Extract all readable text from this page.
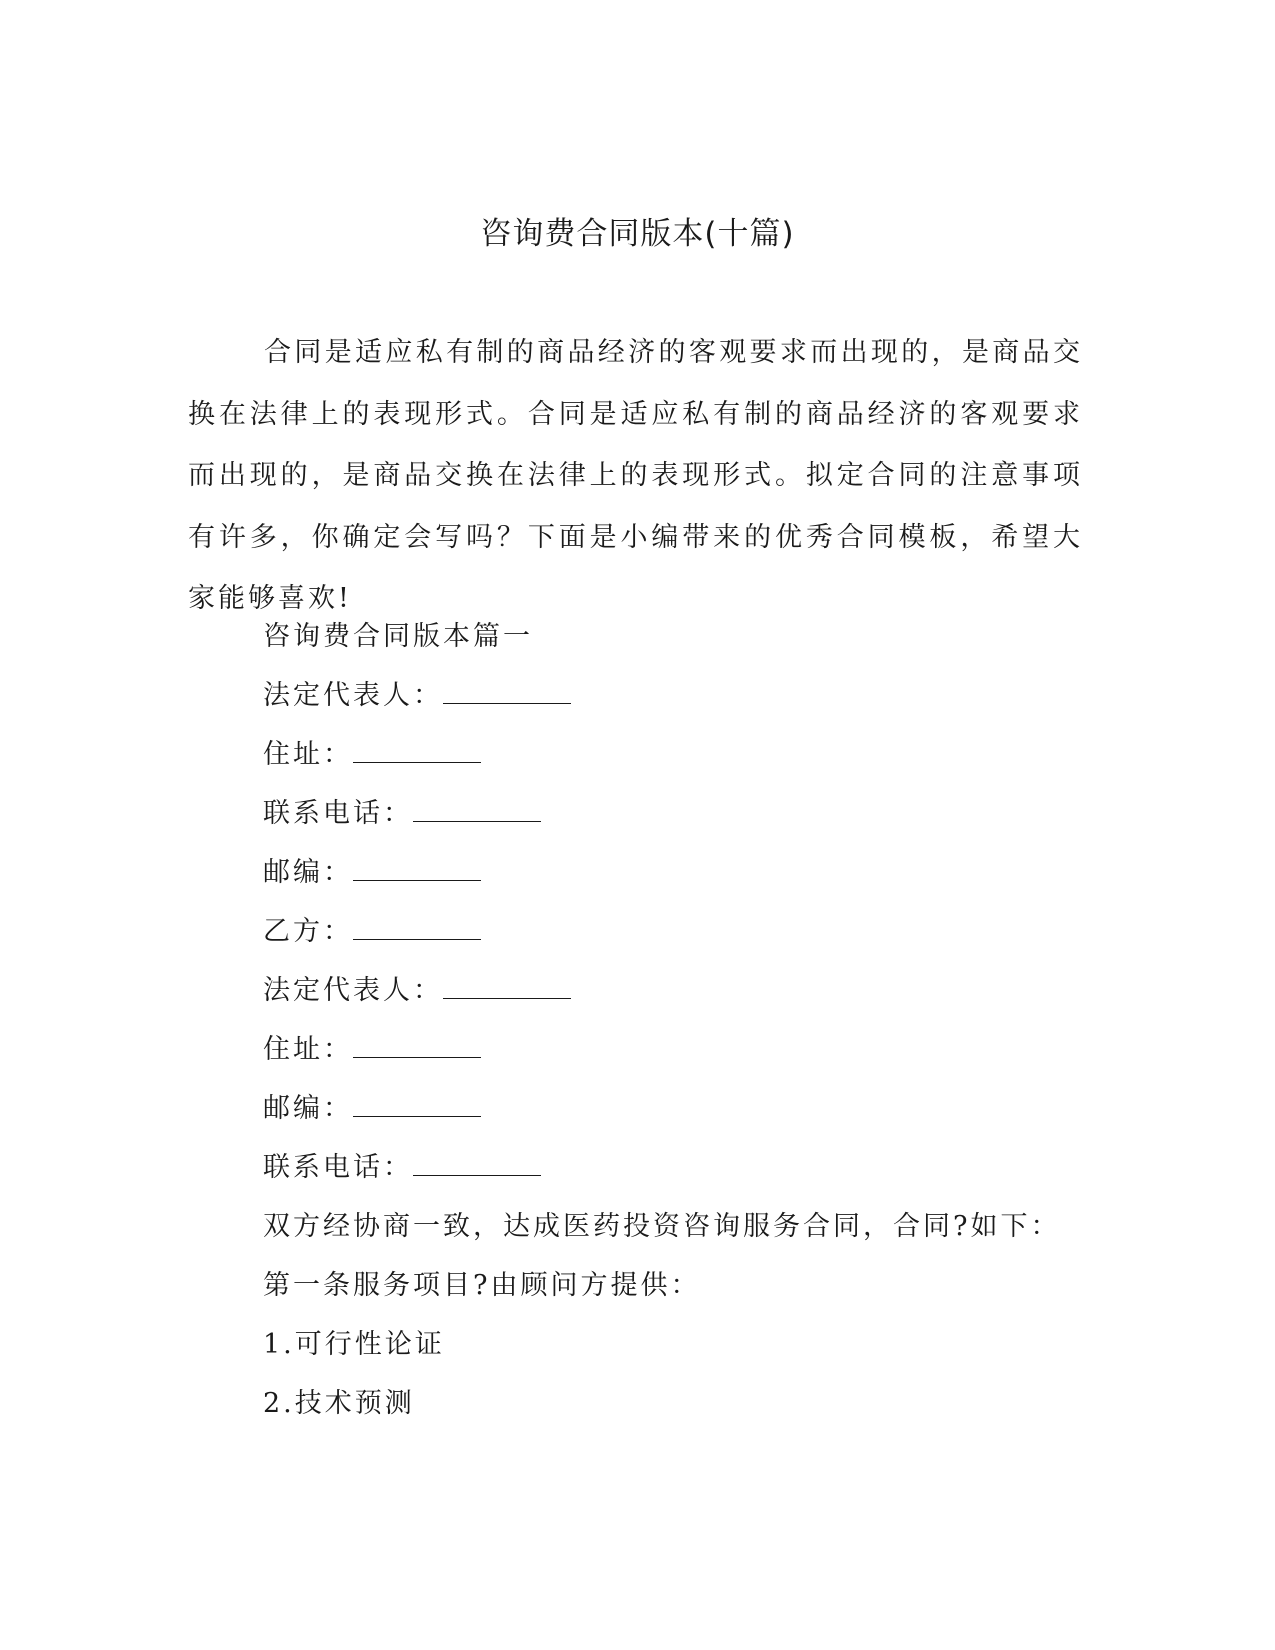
咨询费合同版本(十篇)

合同是适应私有制的商品经济的客观要求而出现的，是商品交换在法律上的表现形式。合同是适应私有制的商品经济的客观要求而出现的，是商品交换在法律上的表现形式。拟定合同的注意事项有许多，你确定会写吗？下面是小编带来的优秀合同模板，希望大家能够喜欢!

咨询费合同版本篇一

法定代表人：

住址：

联系电话：

邮编：

乙方：

法定代表人：

住址：

邮编：

联系电话：

双方经协商一致，达成医药投资咨询服务合同，合同?如下：

第一条服务项目?由顾问方提供：

1.可行性论证

2.技术预测
